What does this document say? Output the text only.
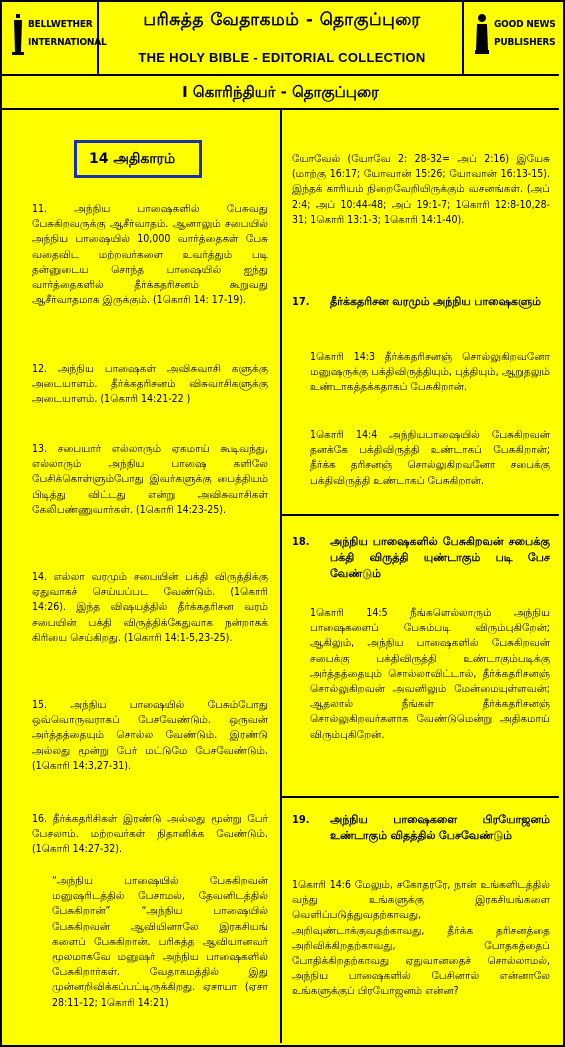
BELLWETHER
INTERNATIONAL
பரிசுத்த வேதாகமம் - தொகுப்புரை
THE HOLY BIBLE - EDITORIAL COLLECTION
GOOD NEWS
PUBLISHERS
I கொரிந்தியர் - தொகுப்புரை
14 அதிகாரம்
11.	அந்நிய பாஷைகளில் பேசுவது பேசுகிறவருக்கு ஆசீர்வாதம். ஆனாலும் சபையில் அந்நிய பாஷையில் 10,000 வார்த்தைகள் பேசு வதைவிட மற்றவர்களை உவர்த்தும் படி தன்னுடைய சொந்த பாஷையில் ஐந்து வார்த்தைகளில் தீர்க்கதரிசனம் கூறுவது ஆசீர்வாதமாக இருக்கும். (1கொரி 14: 17-19).
12. அந்நிய பாஷைகள் அவிசுவாசி களுக்கு அடையாளம். தீர்க்கதரிசனம் விசுவாசிகளுக்கு அடையாளம். (1கொரி 14:21-22 )
13. சபையார் எல்லாரும் ஏகமாய் கூடிவந்து, எல்லாரும் அந்நிய பாஷை களிலே பேசிக்கொள்ளும்போது இவர்களுக்கு பைத்தியம் பிடித்து விட்டது என்று அவிசுவாசிகள் கேலிபண்ணுவார்கள். (1கொரி 14:23-25).
14. எல்லா வரமும் சபையின் பக்தி விருத்திக்கு ஏதுவாகச் செய்யப்பட வேண்டும். (1கொரி 14:26). இந்த விஷயத்தில் தீர்க்கதரிசன வரம் சபையின் பக்தி விருத்திக்கேதுவாக நன்றாகக் கிரியை செய்கிறது. (1கொரி 14:1-5,23-25).
15. அந்நிய பாஷையில் பேசும்போது ஒவ்வொருவராகப் பேசவேண்டும். ஒருவன் அர்த்தத்தையும் சொல்ல வேண்டும். இரண்டு அல்லது மூன்று பேர் மட்டுமே பேசவேண்டும். (1கொரி 14:3,27-31).
16. தீர்க்கதரிசிகள் இரண்டு அல்லது மூன்று பேர் பேசலாம். மற்றவர்கள் நிதானிக்க வேண்டும். (1கொரி 14:27-32).
“அந்நிய பாஷையில் பேசுகிறவன் மனுஷரிடத்தில் பேசாமல், தேவனிடத்தில் பேசுகிறான்” “அந்நிய பாஷையில் பேசுகிறவன் ஆவியினாலே இரகசியங் களைப் பேசுகிறான். பரிசுத்த ஆவியானவர் மூலமாகவே மனுஷர் அந்நிய பாஷைகளில் பேசுகிறார்கள். வேதாகமத்தில் இது முன்னறிவிக்கப்பட்டிருக்கிறது. ஏசாயா (ஏசா 28:11-12; 1கொரி 14:21)
யோவேல் (யோவே 2: 28-32= அப் 2:16) இயேசு (மாற்கு 16:17; யோவான் 15:26; யோவான் 16:13-15). இந்தக் காரியம் நிறைவேறியிருக்கும் வசனங்கள். (அப் 2:4; அப் 10:44-48; அப் 19:1-7; 1கொரி 12:8-10,28-31; 1கொரி 13:1-3; 1கொரி 14:1-40).
17. தீர்க்கதரிசன வரமும் அந்நிய பாஷைகளும்
1கொரி 14:3 தீர்க்கதரிசனஞ் சொல்லுகிறவனோ மனுஷருக்கு பக்திவிருத்தியும், புத்தியும், ஆறுதலும் உண்டாகத்தக்கதாகப் பேசுகிறான்.
1கொரி 14:4 அந்நியபாஷையில் பேசுகிறவன் தனக்கே பக்திவிருத்தி உண்டாகப் பேசுகிறான்; தீர்க்க தரிசனஞ் சொல்லுகிறவனோ சபைக்கு பக்திவிருத்தி உண்டாகப் பேசுகிறான்.
18. அந்நிய பாஷைகளில் பேசுகிறவன் சபைக்கு பக்தி விருத்தி யுண்டாகும் படி பேச வேண்டும்
1கொரி 14:5 நீங்களெல்லாரும் அந்நிய பாஷைகளைப் பேசும்படி விரும்புகிறேன்; ஆகிலும், அந்நிய பாஷைகளில் பேசுகிறவன் சபைக்கு பக்திவிருத்தி உண்டாகும்படிக்கு அர்த்தத்தையும் சொல்லாவிட்டால், தீர்க்கதரிசனஞ் சொல்லுகிறவன் அவனிலும் மேன்மையுள்ளவன்; ஆதலால் நீங்கள் தீர்க்கதரிசனஞ் சொல்லுகிறவர்களாக வேண்டுமென்று அதிகமாய் விரும்புகிறேன்.
19. அந்நிய பாஷைகளை பிரயோஜனம் உண்டாகும் விதத்தில் பேசவேண்டும்
1கொரி 14:6 மேலும், சகோதரரே, நான் உங்களிடத்தில் வந்து உங்களுக்கு இரகசியங்களை வெளிப்படுத்துவதற்காவது, அறிவுண்டாக்குவதற்காவது, தீர்க்க தரிசனத்தை அறிவிக்கிறதற்காவது, போதகத்தைப் போதிக்கிறதற்காவது ஏதுவானதைச் சொல்லாமல், அந்நிய பாஷைகளில் பேசினால் என்னாலே உங்களுக்குப் பிரயோஜனம் என்ன?
